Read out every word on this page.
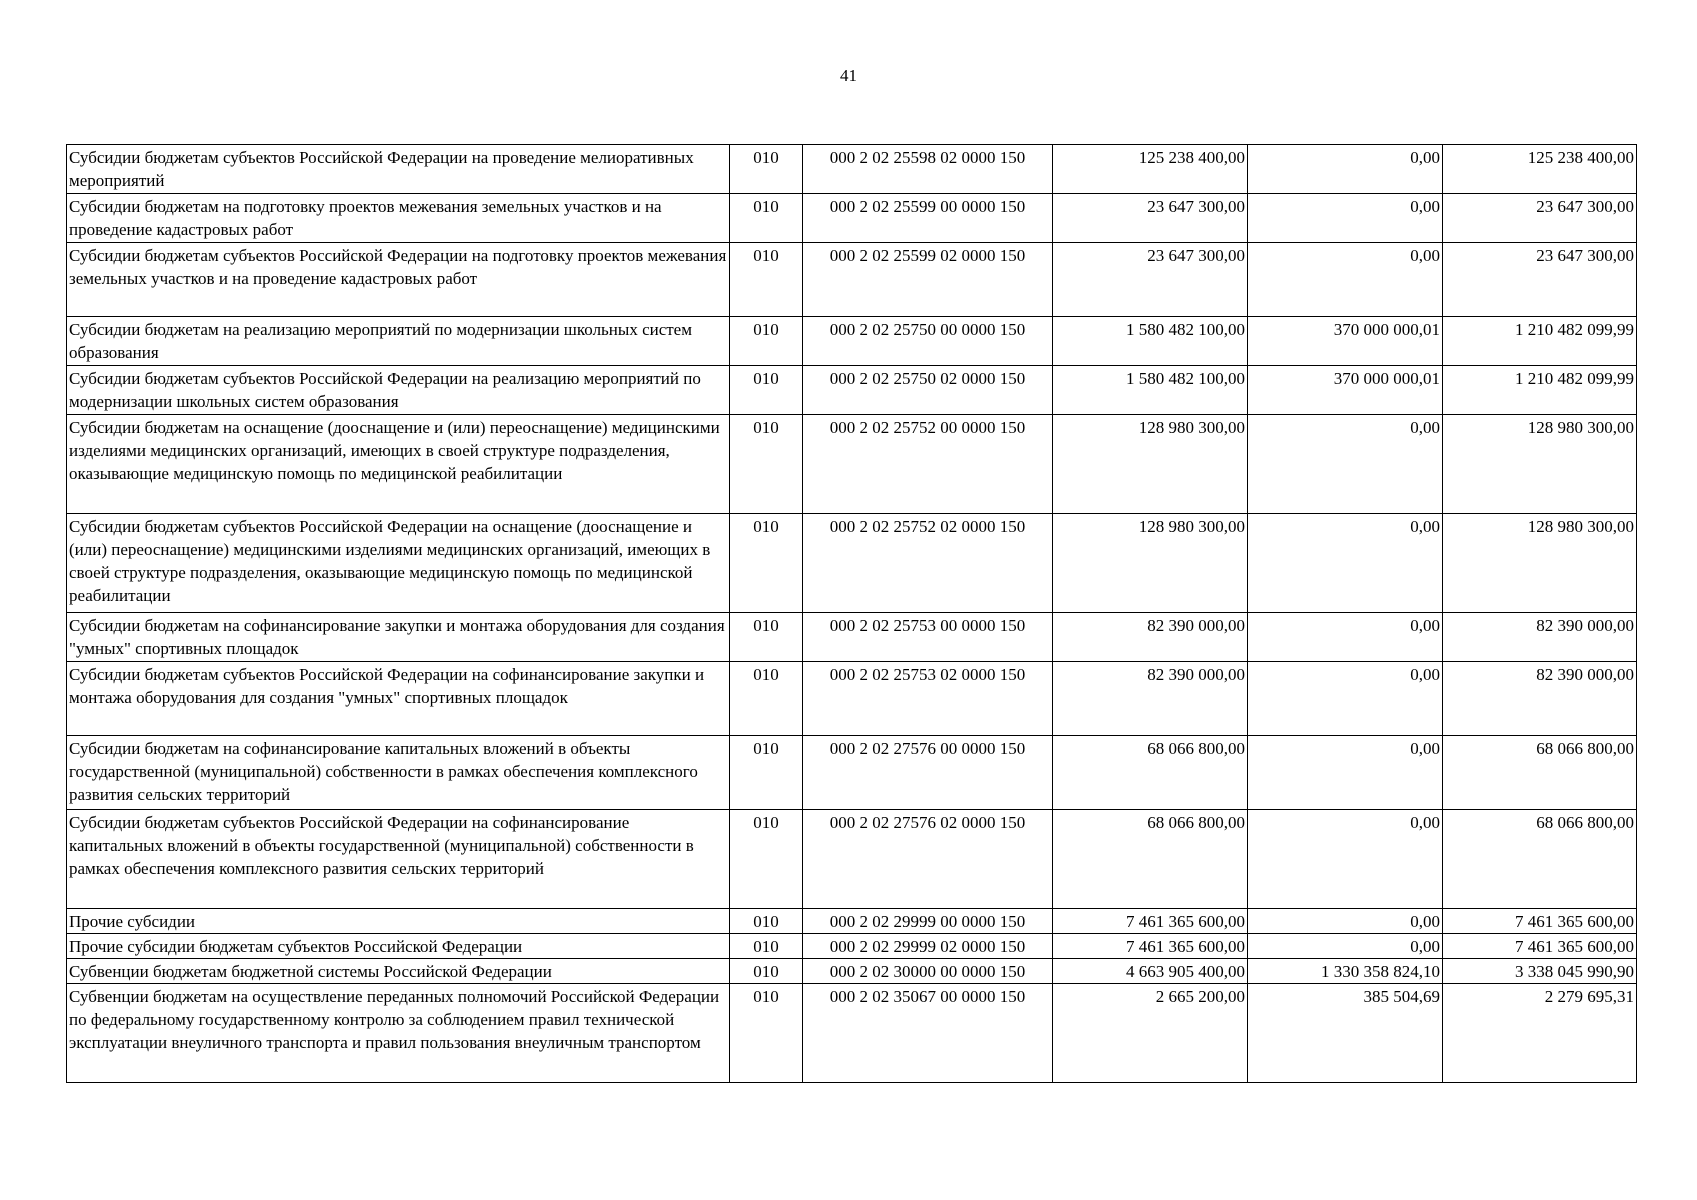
41
Субсидии бюджетам субъектов Российской Федерации на проведение мелиоративных мероприятий	010	000 2 02 25598 02 0000 150	125 238 400,00	0,00	125 238 400,00
Субсидии бюджетам на подготовку проектов межевания земельных участков и на проведение кадастровых работ	010	000 2 02 25599 00 0000 150	23 647 300,00	0,00	23 647 300,00
Субсидии бюджетам субъектов Российской Федерации на подготовку проектов межевания земельных участков и на проведение кадастровых работ	010	000 2 02 25599 02 0000 150	23 647 300,00	0,00	23 647 300,00
Субсидии бюджетам на реализацию мероприятий по модернизации школьных систем образования	010	000 2 02 25750 00 0000 150	1 580 482 100,00	370 000 000,01	1 210 482 099,99
Субсидии бюджетам субъектов Российской Федерации на реализацию мероприятий по модернизации школьных систем образования	010	000 2 02 25750 02 0000 150	1 580 482 100,00	370 000 000,01	1 210 482 099,99
Субсидии бюджетам на оснащение (дооснащение и (или) переоснащение) медицинскими изделиями медицинских организаций, имеющих в своей структуре подразделения, оказывающие медицинскую помощь по медицинской реабилитации	010	000 2 02 25752 00 0000 150	128 980 300,00	0,00	128 980 300,00
Субсидии бюджетам субъектов Российской Федерации на оснащение (дооснащение и (или) переоснащение) медицинскими изделиями медицинских организаций, имеющих в своей структуре подразделения, оказывающие медицинскую помощь по медицинской реабилитации	010	000 2 02 25752 02 0000 150	128 980 300,00	0,00	128 980 300,00
Субсидии бюджетам на софинансирование закупки и монтажа оборудования для создания "умных" спортивных площадок	010	000 2 02 25753 00 0000 150	82 390 000,00	0,00	82 390 000,00
Субсидии бюджетам субъектов Российской Федерации на софинансирование закупки и монтажа оборудования для создания "умных" спортивных площадок	010	000 2 02 25753 02 0000 150	82 390 000,00	0,00	82 390 000,00
Субсидии бюджетам на софинансирование капитальных вложений в объекты государственной (муниципальной) собственности в рамках обеспечения комплексного развития сельских территорий	010	000 2 02 27576 00 0000 150	68 066 800,00	0,00	68 066 800,00
Субсидии бюджетам субъектов Российской Федерации на софинансирование капитальных вложений в объекты государственной (муниципальной) собственности в рамках обеспечения комплексного развития сельских территорий	010	000 2 02 27576 02 0000 150	68 066 800,00	0,00	68 066 800,00
Прочие субсидии	010	000 2 02 29999 00 0000 150	7 461 365 600,00	0,00	7 461 365 600,00
Прочие субсидии бюджетам субъектов Российской Федерации	010	000 2 02 29999 02 0000 150	7 461 365 600,00	0,00	7 461 365 600,00
Субвенции бюджетам бюджетной системы Российской Федерации	010	000 2 02 30000 00 0000 150	4 663 905 400,00	1 330 358 824,10	3 338 045 990,90
Субвенции бюджетам на осуществление переданных полномочий Российской Федерации по федеральному государственному контролю за соблюдением правил технической эксплуатации внеуличного транспорта и правил пользования внеуличным транспортом	010	000 2 02 35067 00 0000 150	2 665 200,00	385 504,69	2 279 695,31
